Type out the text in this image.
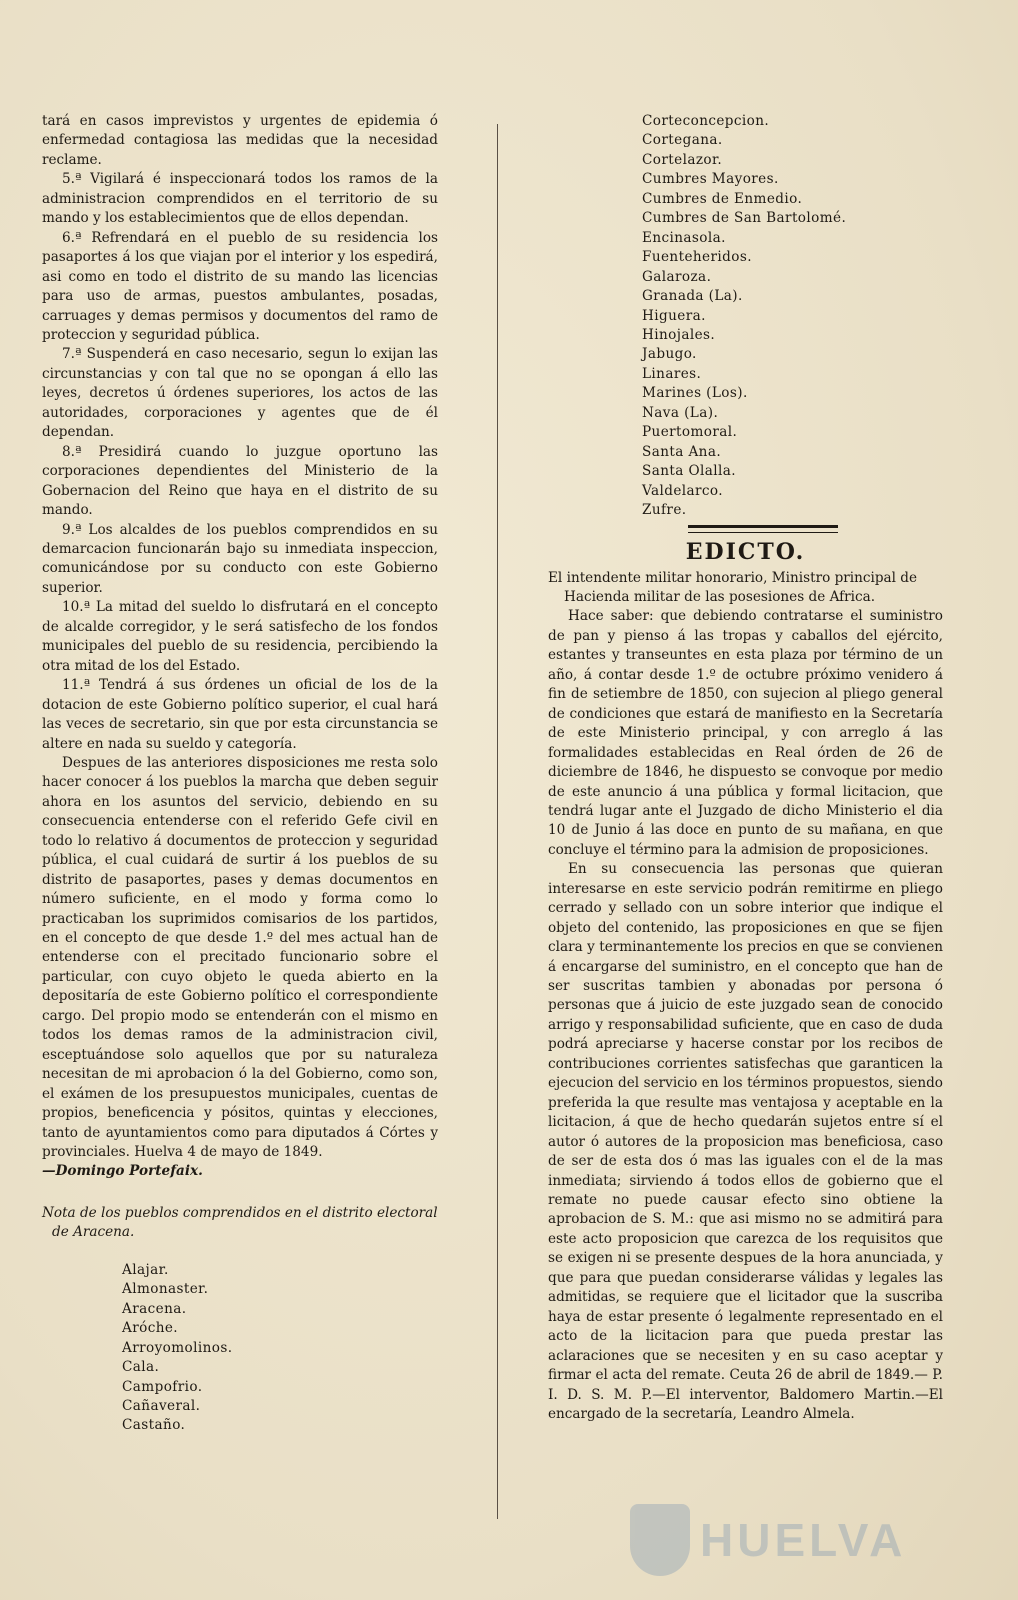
tará en casos imprevistos y urgentes de epidemia ó enfermedad contagiosa las medidas que la necesidad reclame.

5.ª Vigilará é inspeccionará todos los ramos de la administracion comprendidos en el territorio de su mando y los establecimientos que de ellos dependan.

6.ª Refrendará en el pueblo de su residencia los pasaportes á los que viajan por el interior y los espedirá, asi como en todo el distrito de su mando las licencias para uso de armas, puestos ambulantes, posadas, carruages y demas permisos y documentos del ramo de proteccion y seguridad pública.

7.ª Suspenderá en caso necesario, segun lo exijan las circunstancias y con tal que no se opongan á ello las leyes, decretos ú órdenes superiores, los actos de las autoridades, corporaciones y agentes que de él dependan.

8.ª Presidirá cuando lo juzgue oportuno las corporaciones dependientes del Ministerio de la Gobernacion del Reino que haya en el distrito de su mando.

9.ª Los alcaldes de los pueblos comprendidos en su demarcacion funcionarán bajo su inmediata inspeccion, comunicándose por su conducto con este Gobierno superior.

10.ª La mitad del sueldo lo disfrutará en el concepto de alcalde corregidor, y le será satisfecho de los fondos municipales del pueblo de su residencia, percibiendo la otra mitad de los del Estado.

11.ª Tendrá á sus órdenes un oficial de los de la dotacion de este Gobierno político superior, el cual hará las veces de secretario, sin que por esta circunstancia se altere en nada su sueldo y categoría.

Despues de las anteriores disposiciones me resta solo hacer conocer á los pueblos la marcha que deben seguir ahora en los asuntos del servicio, debiendo en su consecuencia entenderse con el referido Gefe civil en todo lo relativo á documentos de proteccion y seguridad pública, el cual cuidará de surtir á los pueblos de su distrito de pasaportes, pases y demas documentos en número suficiente, en el modo y forma como lo practicaban los suprimidos comisarios de los partidos, en el concepto de que desde 1.º del mes actual han de entenderse con el precitado funcionario sobre el particular, con cuyo objeto le queda abierto en la depositaría de este Gobierno político el correspondiente cargo. Del propio modo se entenderán con el mismo en todos los demas ramos de la administracion civil, esceptuándose solo aquellos que por su naturaleza necesitan de mi aprobacion ó la del Gobierno, como son, el exámen de los presupuestos municipales, cuentas de propios, beneficencia y pósitos, quintas y elecciones, tanto de ayuntamientos como para diputados á Córtes y provinciales. Huelva 4 de mayo de 1849.

—Domingo Portefaix.

Nota de los pueblos comprendidos en el distrito electoral de Aracena.

Alajar.
Almonaster.
Aracena.
Aróche.
Arroyomolinos.
Cala.
Campofrio.
Cañaveral.
Castaño.
Corteconcepcion.
Cortegana.
Cortelazor.
Cumbres Mayores.
Cumbres de Enmedio.
Cumbres de San Bartolomé.
Encinasola.
Fuenteheridos.
Galaroza.
Granada (La).
Higuera.
Hinojales.
Jabugo.
Linares.
Marines (Los).
Nava (La).
Puertomoral.
Santa Ana.
Santa Olalla.
Valdelarco.
Zufre.
EDICTO.

El intendente militar honorario, Ministro principal de Hacienda militar de las posesiones de Africa.

Hace saber: que debiendo contratarse el suministro de pan y pienso á las tropas y caballos del ejército, estantes y transeuntes en esta plaza por término de un año, á contar desde 1.º de octubre próximo venidero á fin de setiembre de 1850, con sujecion al pliego general de condiciones que estará de manifiesto en la Secretaría de este Ministerio principal, y con arreglo á las formalidades establecidas en Real órden de 26 de diciembre de 1846, he dispuesto se convoque por medio de este anuncio á una pública y formal licitacion, que tendrá lugar ante el Juzgado de dicho Ministerio el dia 10 de Junio á las doce en punto de su mañana, en que concluye el término para la admision de proposiciones.

En su consecuencia las personas que quieran interesarse en este servicio podrán remitirme en pliego cerrado y sellado con un sobre interior que indique el objeto del contenido, las proposiciones en que se fijen clara y terminantemente los precios en que se convienen á encargarse del suministro, en el concepto que han de ser suscritas tambien y abonadas por persona ó personas que á juicio de este juzgado sean de conocido arrigo y responsabilidad suficiente, que en caso de duda podrá apreciarse y hacerse constar por los recibos de contribuciones corrientes satisfechas que garanticen la ejecucion del servicio en los términos propuestos, siendo preferida la que resulte mas ventajosa y aceptable en la licitacion, á que de hecho quedarán sujetos entre sí el autor ó autores de la proposicion mas beneficiosa, caso de ser de esta dos ó mas las iguales con el de la mas inmediata; sirviendo á todos ellos de gobierno que el remate no puede causar efecto sino obtiene la aprobacion de S. M.: que asi mismo no se admitirá para este acto proposicion que carezca de los requisitos que se exigen ni se presente despues de la hora anunciada, y que para que puedan considerarse válidas y legales las admitidas, se requiere que el licitador que la suscriba haya de estar presente ó legalmente representado en el acto de la licitacion para que pueda prestar las aclaraciones que se necesiten y en su caso aceptar y firmar el acta del remate. Ceuta 26 de abril de 1849.— P. I. D. S. M. P.—El interventor, Baldomero Martin.—El encargado de la secretaría, Leandro Almela.

HUELVA
